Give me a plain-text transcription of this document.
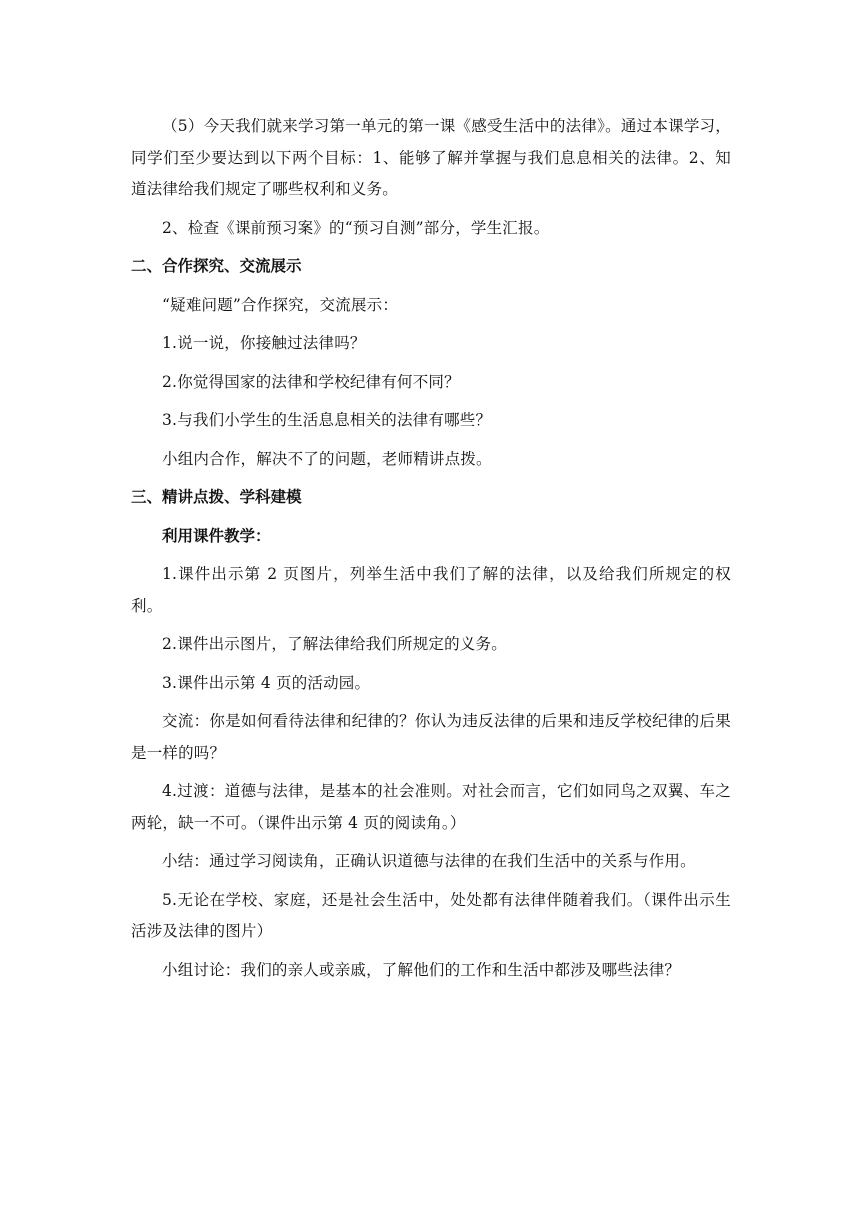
（5）今天我们就来学习第一单元的第一课《感受生活中的法律》。通过本课学习，同学们至少要达到以下两个目标：1、能够了解并掌握与我们息息相关的法律。2、知道法律给我们规定了哪些权利和义务。

2、检查《课前预习案》的“预习自测”部分，学生汇报。

二、合作探究、交流展示

“疑难问题”合作探究，交流展示：

1.说一说，你接触过法律吗？

2.你觉得国家的法律和学校纪律有何不同？

3.与我们小学生的生活息息相关的法律有哪些？

小组内合作，解决不了的问题，老师精讲点拨。

三、精讲点拨、学科建模

利用课件教学：

1.课件出示第 2 页图片，列举生活中我们了解的法律，以及给我们所规定的权利。

2.课件出示图片，了解法律给我们所规定的义务。

3.课件出示第 4 页的活动园。

交流：你是如何看待法律和纪律的？你认为违反法律的后果和违反学校纪律的后果是一样的吗？

4.过渡：道德与法律，是基本的社会准则。对社会而言，它们如同鸟之双翼、车之两轮，缺一不可。（课件出示第 4 页的阅读角。）

小结：通过学习阅读角，正确认识道德与法律的在我们生活中的关系与作用。

5.无论在学校、家庭，还是社会生活中，处处都有法律伴随着我们。（课件出示生活涉及法律的图片）

小组讨论：我们的亲人或亲戚，了解他们的工作和生活中都涉及哪些法律？
